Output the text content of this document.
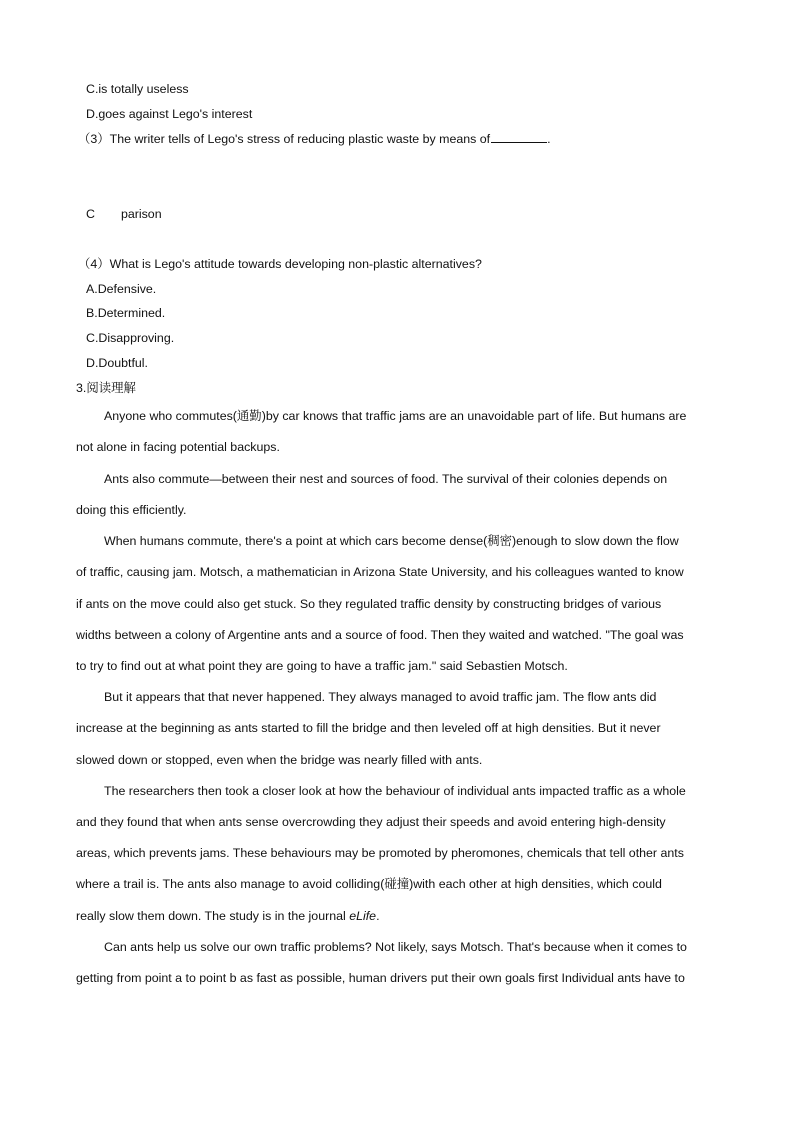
C.is totally useless
D.goes against Lego's interest
（3）The writer tells of Lego's stress of reducing plastic waste by means of	.
C parison
（4）What is Lego's attitude towards developing non-plastic alternatives?
A.Defensive.
B.Determined.
C.Disapproving.
D.Doubtful.
3.阅读理解
Anyone who commutes(通勤)by car knows that traffic jams are an unavoidable part of life. But humans are
not alone in facing potential backups.
Ants also commute—between their nest and sources of food. The survival of their colonies depends on
doing this efficiently.
When humans commute, there's a point at which cars become dense(稠密)enough to slow down the flow
of traffic, causing jam. Motsch, a mathematician in Arizona State University, and his colleagues wanted to know
if ants on the move could also get stuck. So they regulated traffic density by constructing bridges of various
widths between a colony of Argentine ants and a source of food. Then they waited and watched. "The goal was
to try to find out at what point they are going to have a traffic jam." said Sebastien Motsch.
But it appears that that never happened. They always managed to avoid traffic jam. The flow ants did
increase at the beginning as ants started to fill the bridge and then leveled off at high densities. But it never
slowed down or stopped, even when the bridge was nearly filled with ants.
The researchers then took a closer look at how the behaviour of individual ants impacted traffic as a whole
and they found that when ants sense overcrowding they adjust their speeds and avoid entering high-density
areas, which prevents jams. These behaviours may be promoted by pheromones, chemicals that tell other ants
where a trail is. The ants also manage to avoid colliding(碰撞)with each other at high densities, which could
really slow them down. The study is in the journal eLife.
Can ants help us solve our own traffic problems? Not likely, says Motsch. That's because when it comes to
getting from point a to point b as fast as possible, human drivers put their own goals first Individual ants have to
